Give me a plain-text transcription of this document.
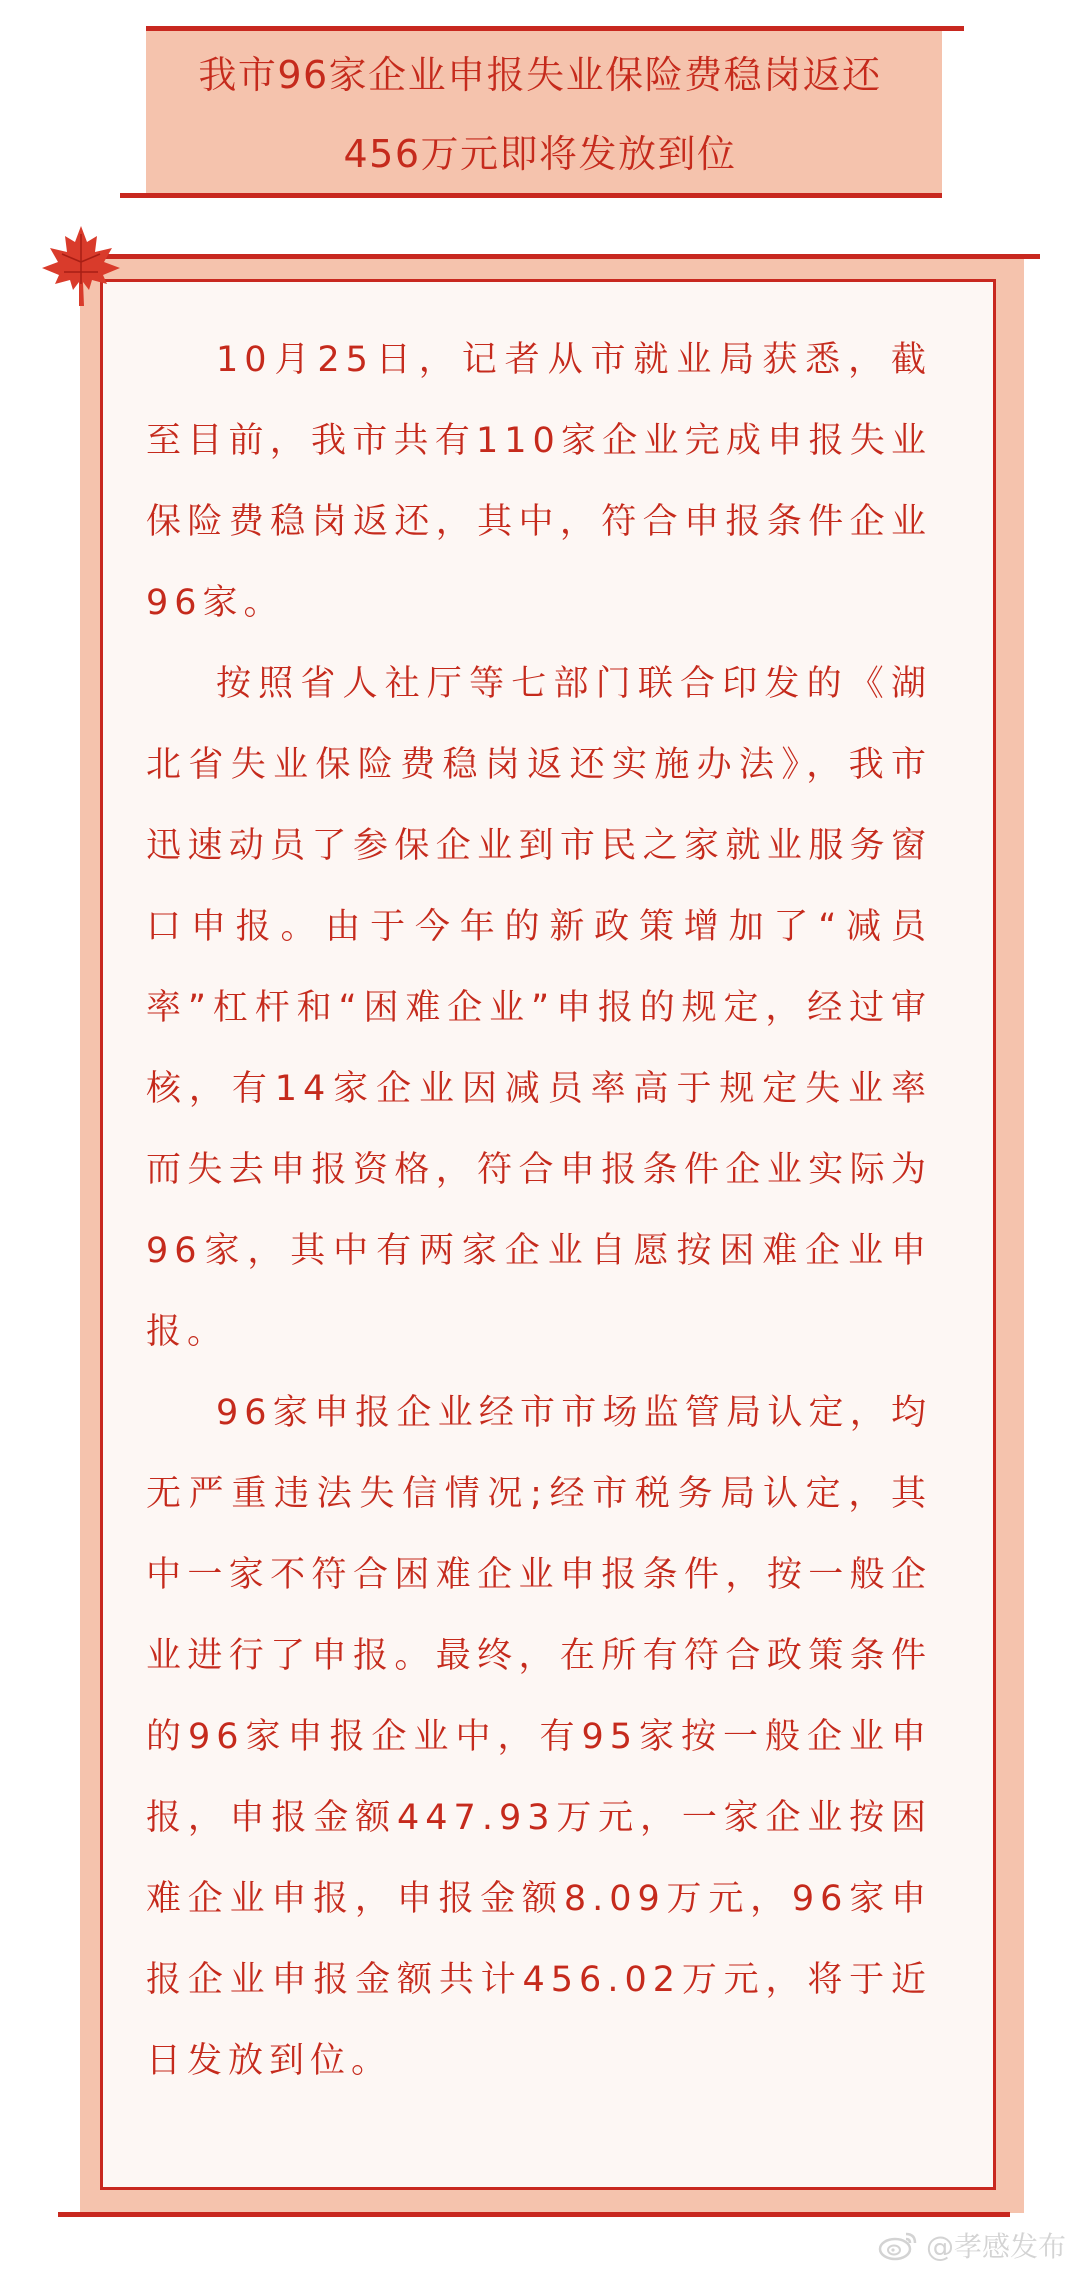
我市96家企业申报失业保险费稳岗返还
456万元即将发放到位

10月25日，记者从市就业局获悉，截至目前，我市共有110家企业完成申报失业保险费稳岗返还，其中，符合申报条件企业96家。

按照省人社厅等七部门联合印发的《湖北省失业保险费稳岗返还实施办法》，我市迅速动员了参保企业到市民之家就业服务窗口申报。由于今年的新政策增加了“减员率”杠杆和“困难企业”申报的规定，经过审核，有14家企业因减员率高于规定失业率而失去申报资格，符合申报条件企业实际为96家，其中有两家企业自愿按困难企业申报。

96家申报企业经市市场监管局认定，均无严重违法失信情况;经市税务局认定，其中一家不符合困难企业申报条件，按一般企业进行了申报。最终，在所有符合政策条件的96家申报企业中，有95家按一般企业申报，申报金额447.93万元，一家企业按困难企业申报，申报金额8.09万元，96家申报企业申报金额共计456.02万元，将于近日发放到位。

@孝感发布
